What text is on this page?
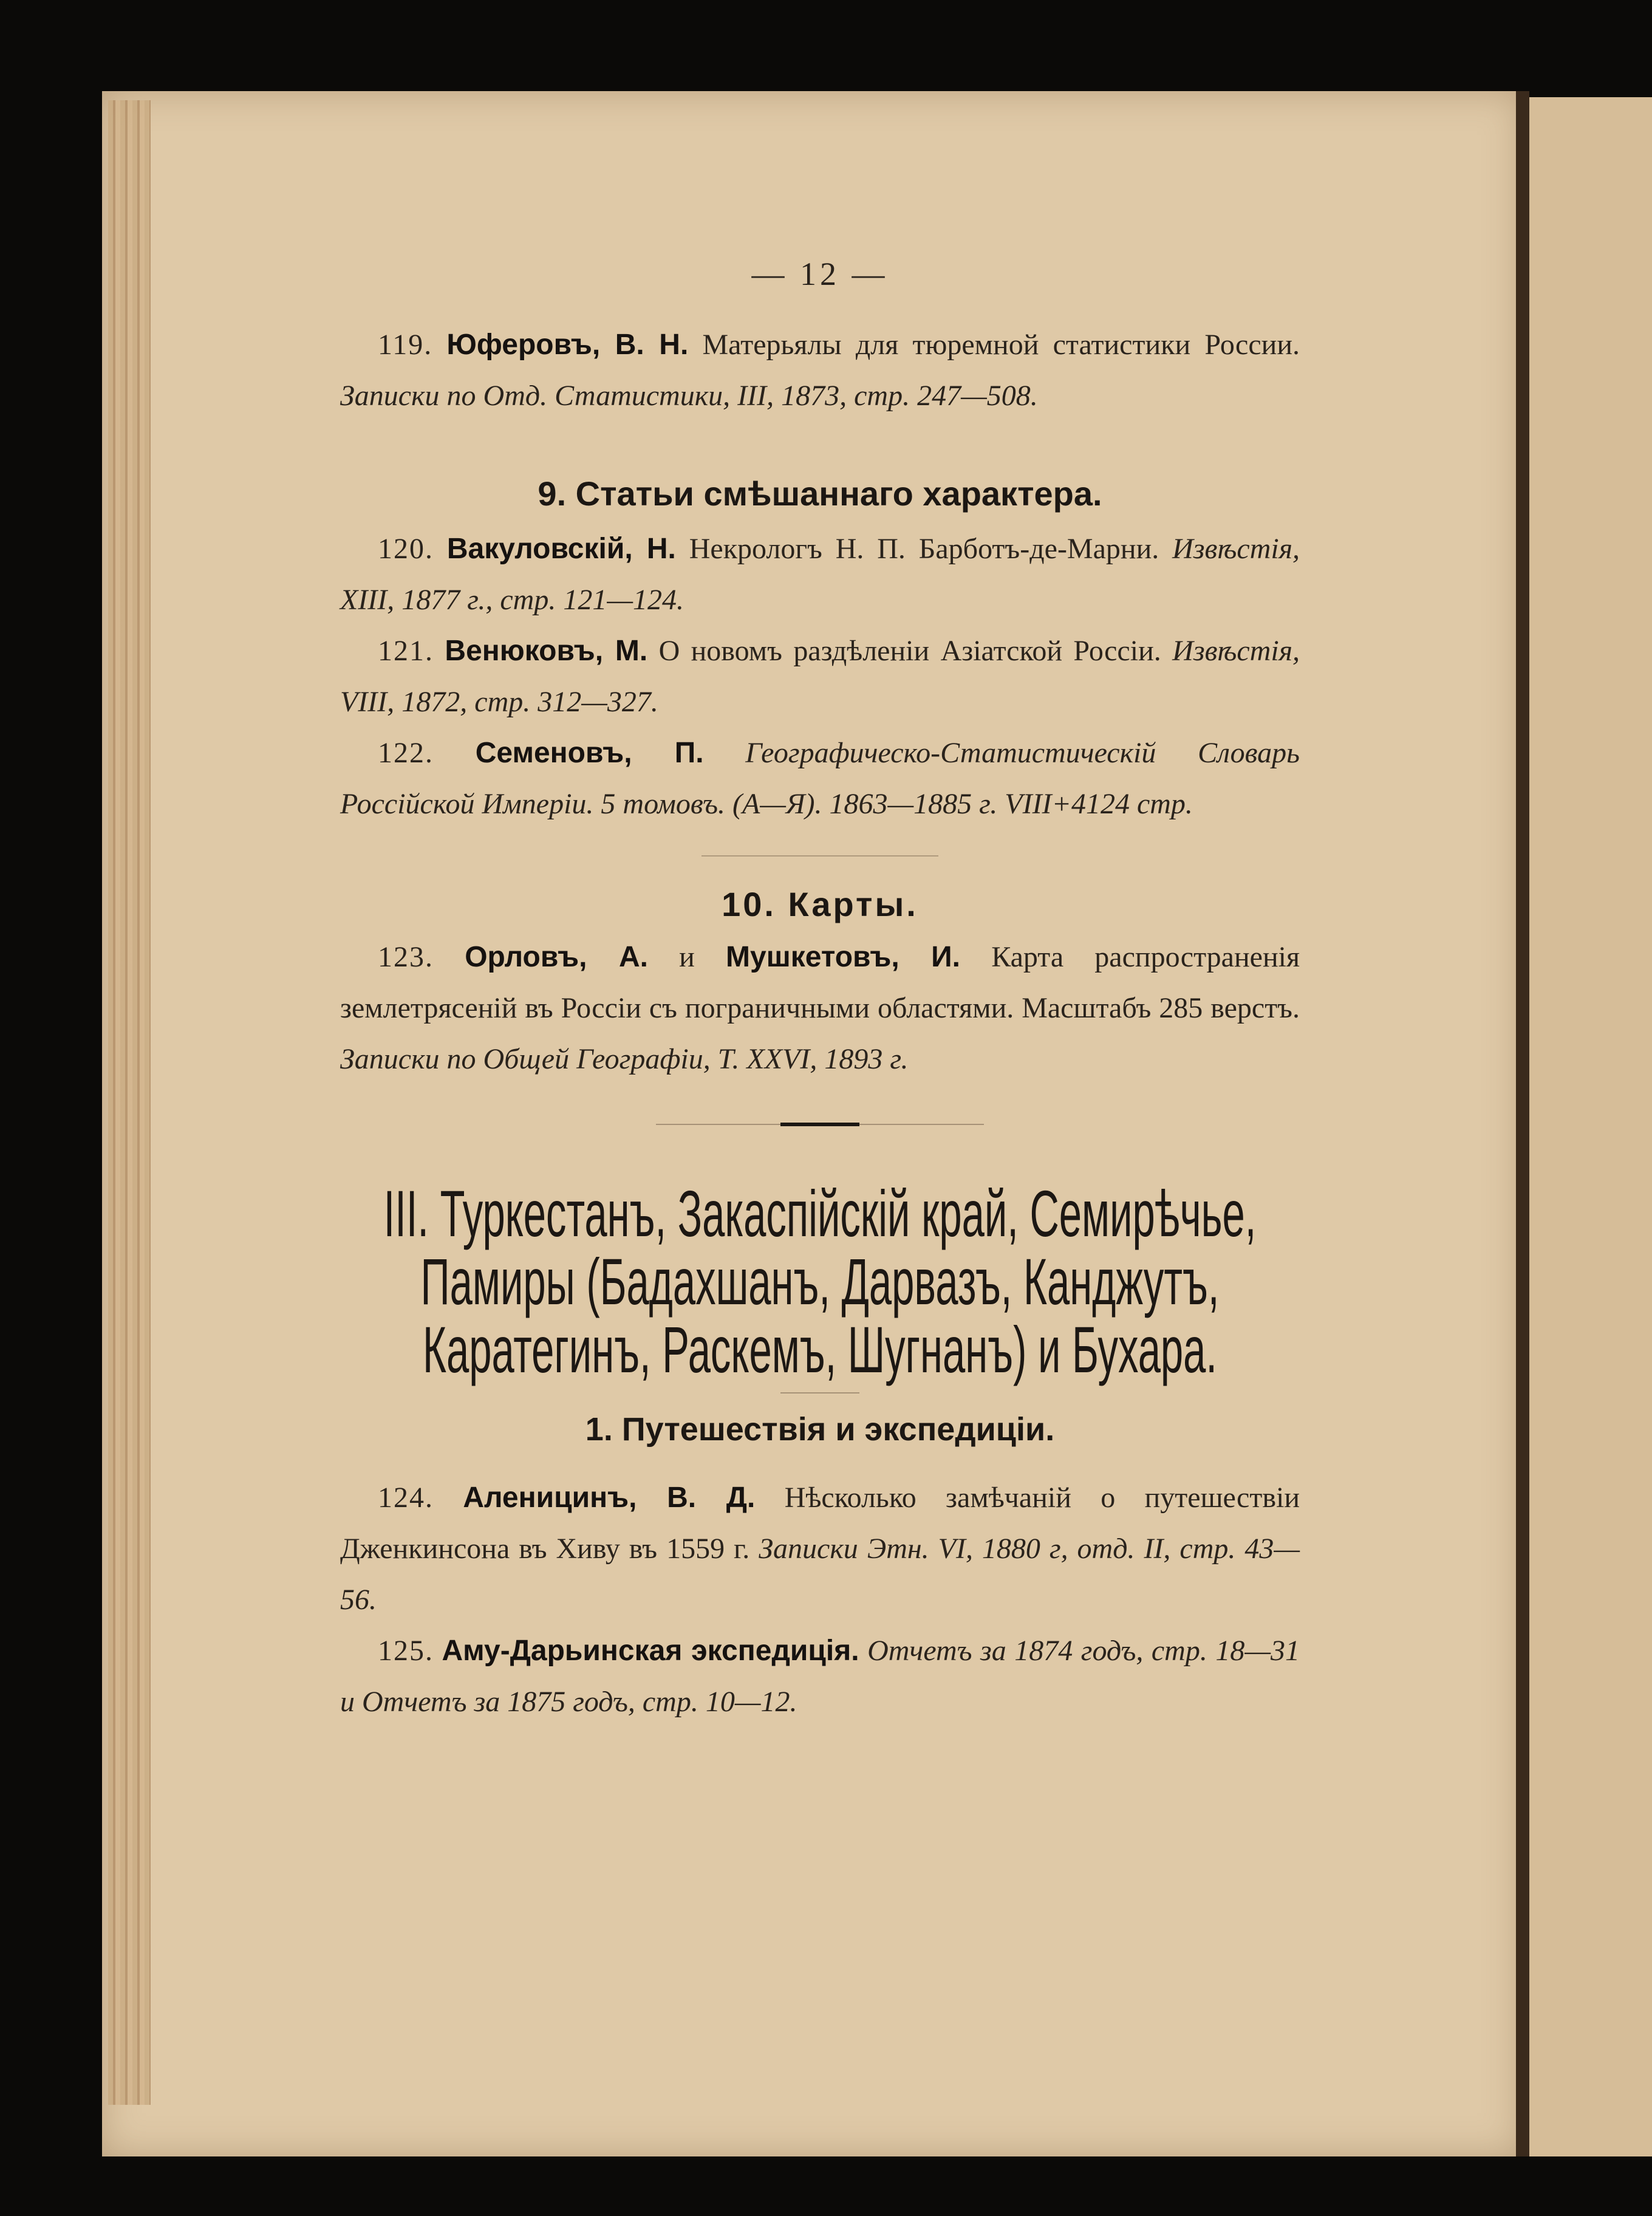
— 12 —

119. Юферовъ, В. Н. Матерьялы для тюремной статистики России. Записки по Отд. Статистики, III, 1873, стр. 247—508.

9. Статьи смѣшаннаго характера.

120. Вакуловскій, Н. Некрологъ Н. П. Барботъ-де-Марни. Извѣстія, XIII, 1877 г., стр. 121—124.

121. Венюковъ, М. О новомъ раздѣленіи Азіатской Россіи. Извѣстія, VIII, 1872, стр. 312—327.

122. Семеновъ, П. Географическо-Статистическій Словарь Россійской Имперіи. 5 томовъ. (А—Я). 1863—1885 г. VIII+4124 стр.

10. Карты.

123. Орловъ, А. и Мушкетовъ, И. Карта распространенія землетрясеній въ Россіи съ пограничными областями. Масштабъ 285 верстъ. Записки по Общей Географіи, Т. XXVI, 1893 г.

III. Туркестанъ, Закаспійскій край, Семирѣчье, Памиры (Бадахшанъ, Дарвазъ, Канджутъ, Каратегинъ, Раскемъ, Шугнанъ) и Бухара.
1. Путешествія и экспедиціи.

124. Аленицинъ, В. Д. Нѣсколько замѣчаній о путешествіи Дженкинсона въ Хиву въ 1559 г. Записки Этн. VI, 1880 г, отд. II, стр. 43—56.

125. Аму-Дарьинская экспедиція. Отчетъ за 1874 годъ, стр. 18—31 и Отчетъ за 1875 годъ, стр. 10—12.
